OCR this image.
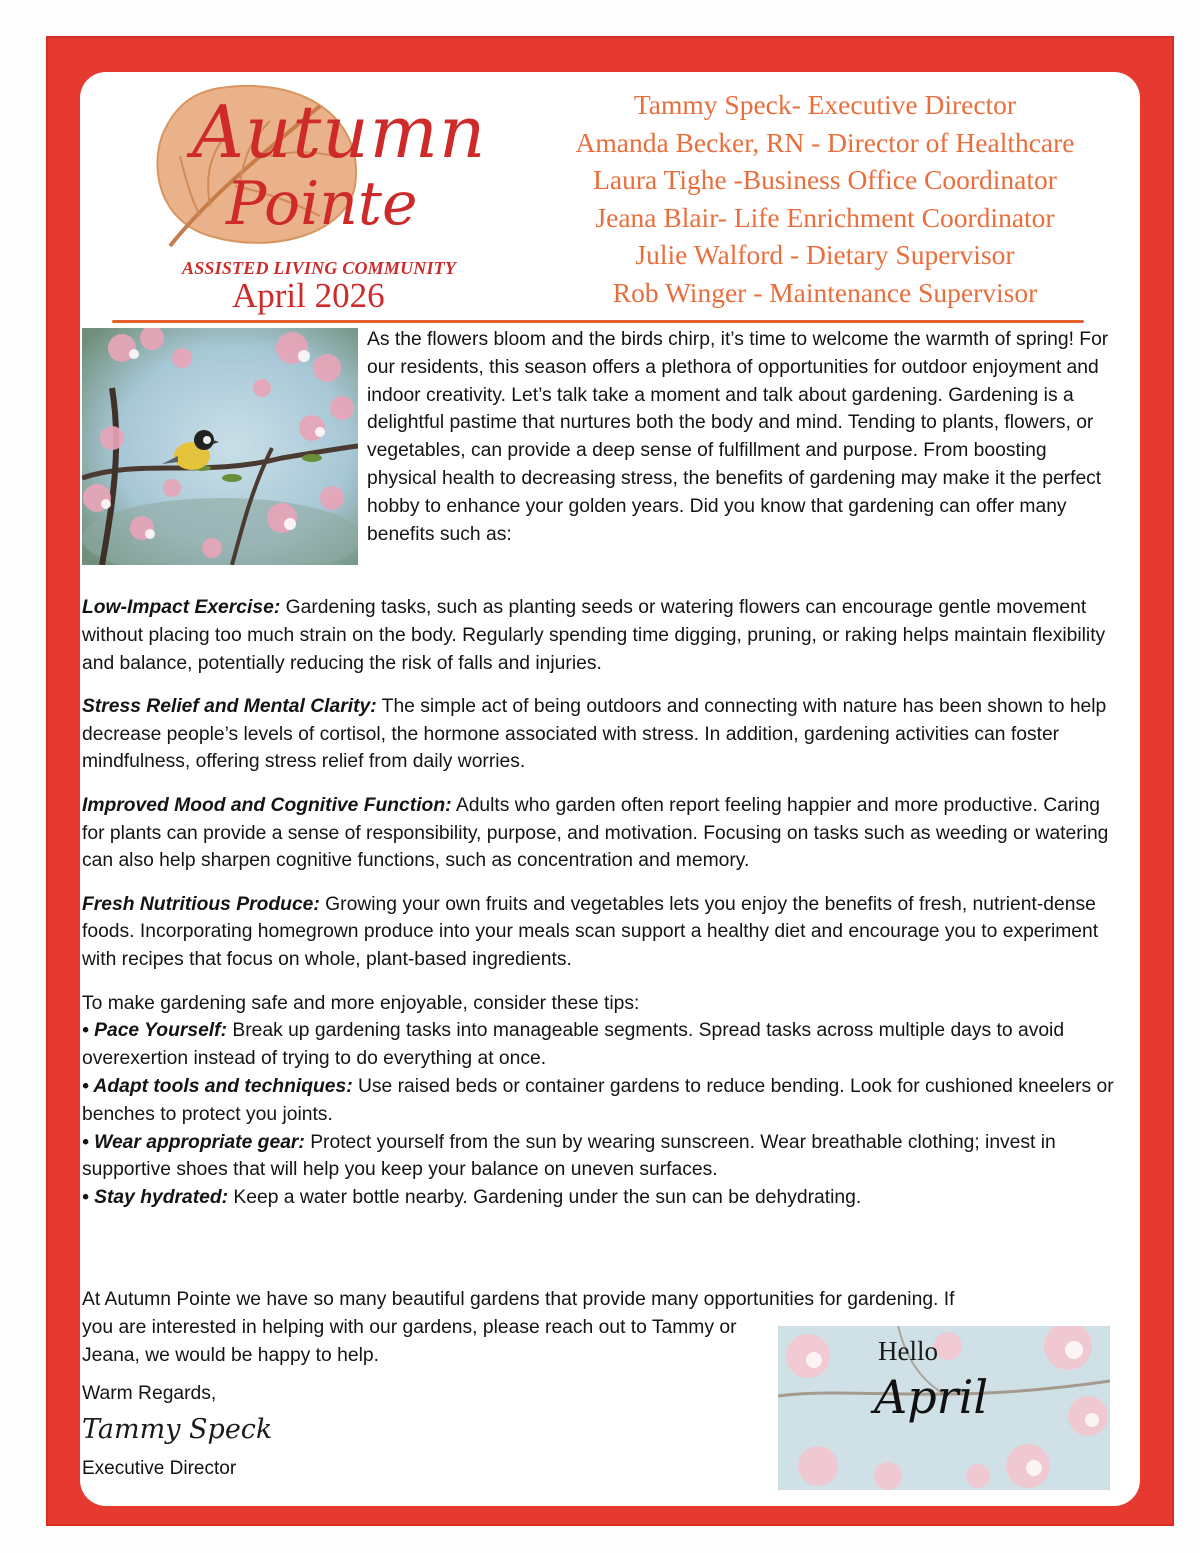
Autumn
Pointe
ASSISTED LIVING COMMUNITY
April 2026
Tammy Speck- Executive Director
Amanda Becker, RN - Director of Healthcare
Laura Tighe -Business Office Coordinator
Jeana Blair- Life Enrichment Coordinator
Julie Walford - Dietary Supervisor
Rob Winger - Maintenance Supervisor

As the flowers bloom and the birds chirp, it’s time to welcome the warmth of spring! For our residents, this season offers a plethora of opportunities for outdoor enjoyment and indoor creativity. Let’s talk take a moment and talk about gardening. Gardening is a delightful pastime that nurtures both the body and mind. Tending to plants, flowers, or vegetables, can provide a deep sense of fulfillment and purpose. From boosting physical health to decreasing stress, the benefits of gardening may make it the perfect hobby to enhance your golden years. Did you know that gardening can offer many benefits such as:

Low-Impact Exercise: Gardening tasks, such as planting seeds or watering flowers can encourage gentle movement without placing too much strain on the body. Regularly spending time digging, pruning, or raking helps maintain flexibility and balance, potentially reducing the risk of falls and injuries.

Stress Relief and Mental Clarity: The simple act of being outdoors and connecting with nature has been shown to help decrease people’s levels of cortisol, the hormone associated with stress. In addition, gardening activities can foster mindfulness, offering stress relief from daily worries.

Improved Mood and Cognitive Function: Adults who garden often report feeling happier and more productive. Caring for plants can provide a sense of responsibility, purpose, and motivation. Focusing on tasks such as weeding or watering can also help sharpen cognitive functions, such as concentration and memory.

Fresh Nutritious Produce: Growing your own fruits and vegetables lets you enjoy the benefits of fresh, nutrient-dense foods. Incorporating homegrown produce into your meals scan support a healthy diet and encourage you to experiment with recipes that focus on whole, plant-based ingredients.

To make gardening safe and more enjoyable, consider these tips:

• Pace Yourself: Break up gardening tasks into manageable segments. Spread tasks across multiple days to avoid overexertion instead of trying to do everything at once.

• Adapt tools and techniques: Use raised beds or container gardens to reduce bending. Look for cushioned kneelers or benches to protect you joints.

• Wear appropriate gear: Protect yourself from the sun by wearing sunscreen. Wear breathable clothing; invest in supportive shoes that will help you keep your balance on uneven surfaces.

• Stay hydrated: Keep a water bottle nearby. Gardening under the sun can be dehydrating.

At Autumn Pointe we have so many beautiful gardens that provide many opportunities for gardening. If

you are interested in helping with our gardens, please reach out to Tammy or Jeana, we would be happy to help.

Warm Regards,

Tammy Speck

Executive Director

Hello
April
